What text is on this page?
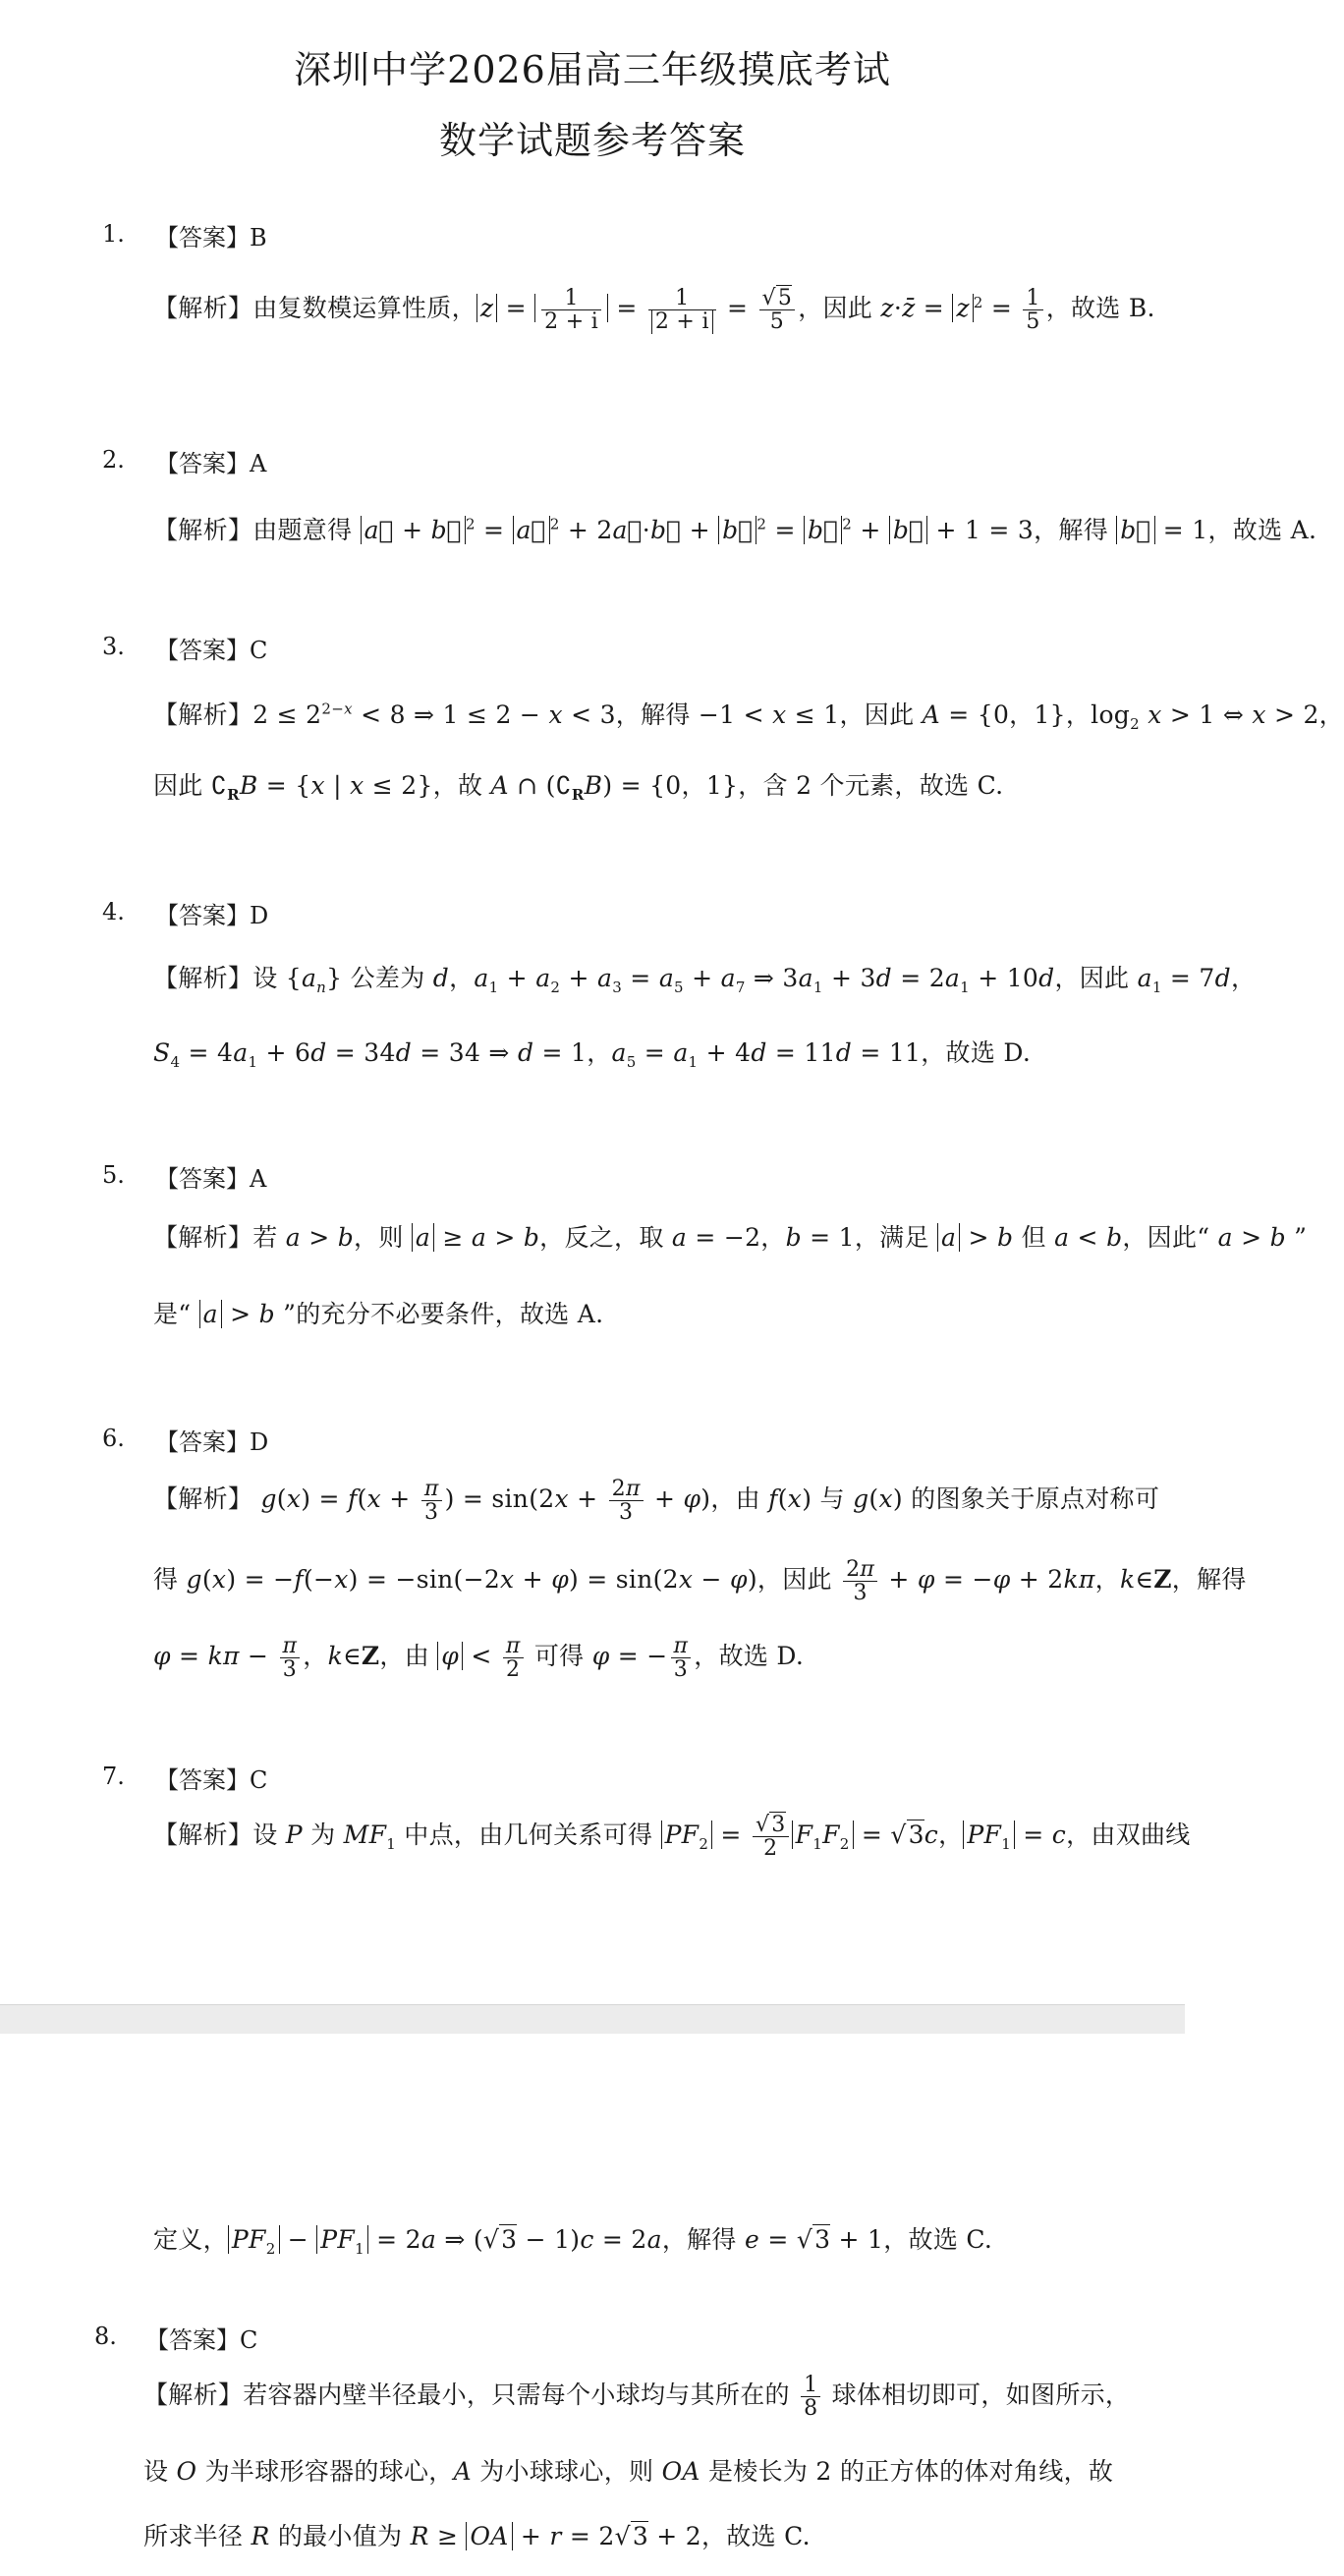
深圳中学2026届高三年级摸底考试
数学试题参考答案
1. 【答案】B
【解析】由复数模运算性质， $z = \frac{1}{2 + i} = \frac{1}{2 + i} = \frac{√5}{5}$ ，因此 z·z̄ = z $^2 = \frac{1}{5}$ ，故选 B.
2. 【答案】A
【解析】由题意得 a⃗ + b⃗ $^2$ = a⃗ $^2$ + 2a⃗·b⃗ + b⃗ $^2$ = b⃗ $^2$ + b⃗ + 1 = 3，解得 b⃗ = 1，故选 A.
3. 【答案】C
【解析】$2 \le 2^{2-x} < 8$ ⇒ 1 ≤ 2 − x < 3，解得 −1 < x ≤ 1，因此 A = {0，1}，$\log_2 x > 1$ ⇔ x > 2，
因此 $∁_RB = \{x$ | x ≤ 2}，故 A ∩ $(∁_RB) = \{0$，1}，含 2 个元素，故选 C.
4. 【答案】D
【解析】设 $\{a_n\}$ 公差为 d，$a_1 + a_2 + a_3 = a_5 + a_7$ ⇒ $3a_1 + 3d = 2a_1 + 10d$，因此 $a_1 = 7d$，
$S_4 = 4a_1 + 6d = 34d = 34$ ⇒ d = 1，$a_5 = a_1 + 4d = 11d = 11$，故选 D.
5. 【答案】A
【解析】若 a > b，则 a ≥ a > b，反之，取 a = −2，b = 1，满足 a > b 但 a < b，因此“ a > b ”
是“ a > b ”的充分不必要条件，故选 A.
6. 【答案】D
【解析】 $g(x) = f(x + \frac{\pi}{3}$ ) = $\sin(2x + \frac{2\pi}{3} + \varphi)$，由 f(x) 与 g(x) 的图象关于原点对称可
得 g(x) = −f(−x) = −sin(−2x + φ) = sin(2x − φ)，因此 $\frac{2\pi}{3} + \varphi = -\varphi + 2k\pi$，k∈Z，解得
$\varphi = k\pi - \frac{\pi}{3}$ ，k∈Z，由 $\varphi < \frac{\pi}{2}$ 可得 φ = − $\frac{\pi}{3}$ ，故选 D.
7. 【答案】C
【解析】设 P 为 $MF_1$ 中点，由几何关系可得 $PF_2 = \frac{√3}{2} F_1F_2 = √3c$， $PF_1 = c$，由双曲线
定义， $PF_2 - PF_1 = 2a$ ⇒ (√3 − 1)c = 2a，解得 e = √3 + 1，故选 C.
8. 【答案】C
【解析】若容器内壁半径最小，只需每个小球均与其所在的 $\frac{1}{8}$ 球体相切即可，如图所示，
设 O 为半球形容器的球心，A 为小球球心，则 OA 是棱长为 2 的正方体的体对角线，故
所求半径 R 的最小值为 R ≥ OA + r = 2√3 + 2，故选 C.
